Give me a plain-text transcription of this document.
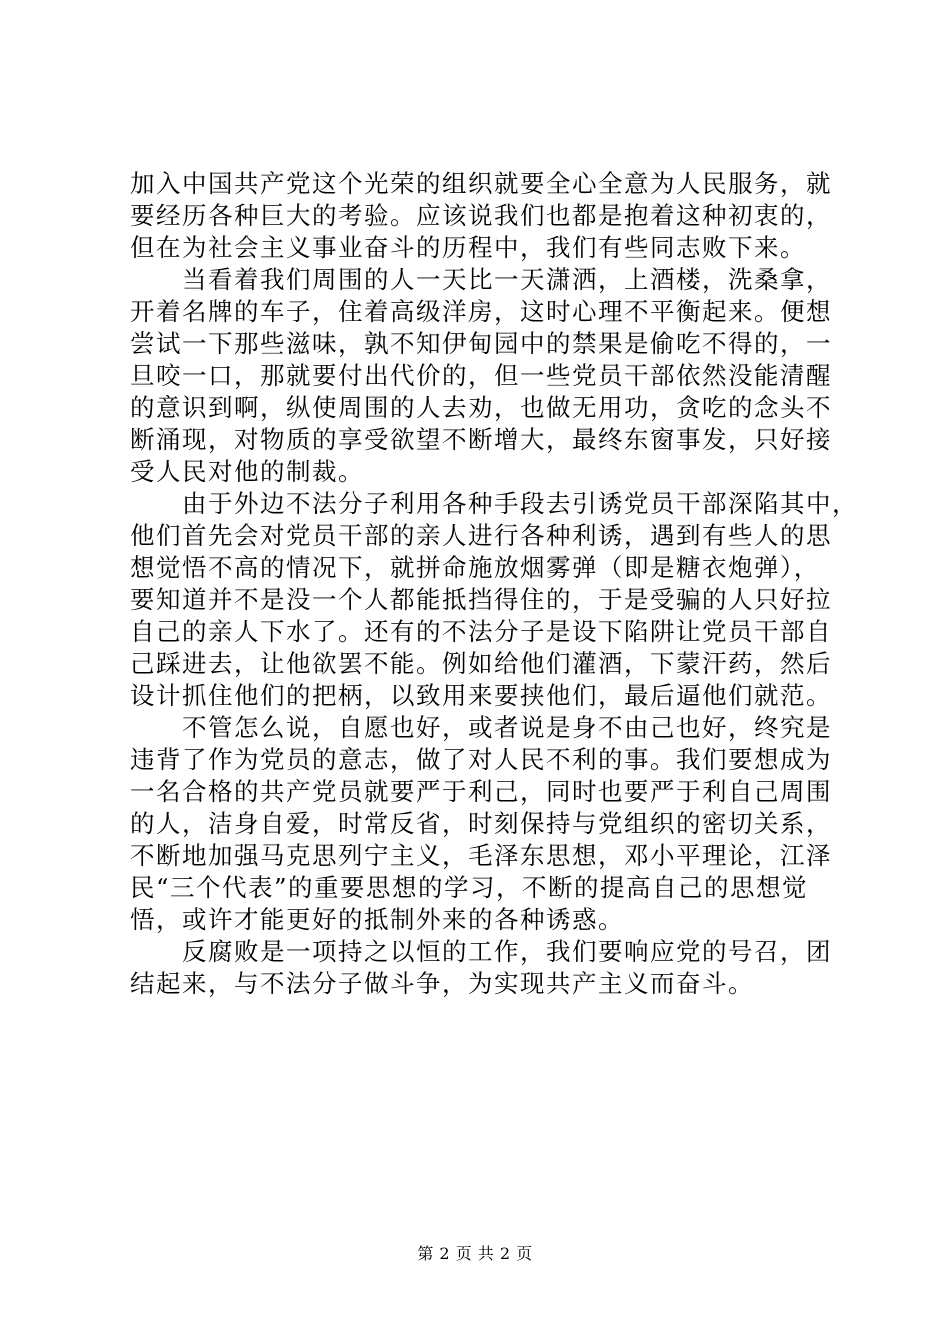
加入中国共产党这个光荣的组织就要全心全意为人民服务，就
要经历各种巨大的考验。应该说我们也都是抱着这种初衷的，
但在为社会主义事业奋斗的历程中，我们有些同志败下来。
当看着我们周围的人一天比一天潇洒，上酒楼，洗桑拿，
开着名牌的车子，住着高级洋房，这时心理不平衡起来。便想
尝试一下那些滋味，孰不知伊甸园中的禁果是偷吃不得的，一
旦咬一口，那就要付出代价的，但一些党员干部依然没能清醒
的意识到啊，纵使周围的人去劝，也做无用功，贪吃的念头不
断涌现，对物质的享受欲望不断增大，最终东窗事发，只好接
受人民对他的制裁。
由于外边不法分子利用各种手段去引诱党员干部深陷其中，
他们首先会对党员干部的亲人进行各种利诱，遇到有些人的思
想觉悟不高的情况下，就拼命施放烟雾弹（即是糖衣炮弹），
要知道并不是没一个人都能抵挡得住的，于是受骗的人只好拉
自己的亲人下水了。还有的不法分子是设下陷阱让党员干部自
己踩进去，让他欲罢不能。例如给他们灌酒，下蒙汗药，然后
设计抓住他们的把柄，以致用来要挟他们，最后逼他们就范。
不管怎么说，自愿也好，或者说是身不由己也好，终究是
违背了作为党员的意志，做了对人民不利的事。我们要想成为
一名合格的共产党员就要严于利己，同时也要严于利自己周围
的人，洁身自爱，时常反省，时刻保持与党组织的密切关系，
不断地加强马克思列宁主义，毛泽东思想，邓小平理论，江泽
民“三个代表”的重要思想的学习，不断的提高自己的思想觉
悟，或许才能更好的抵制外来的各种诱惑。
反腐败是一项持之以恒的工作，我们要响应党的号召，团
结起来，与不法分子做斗争，为实现共产主义而奋斗。
第 2 页 共 2 页
